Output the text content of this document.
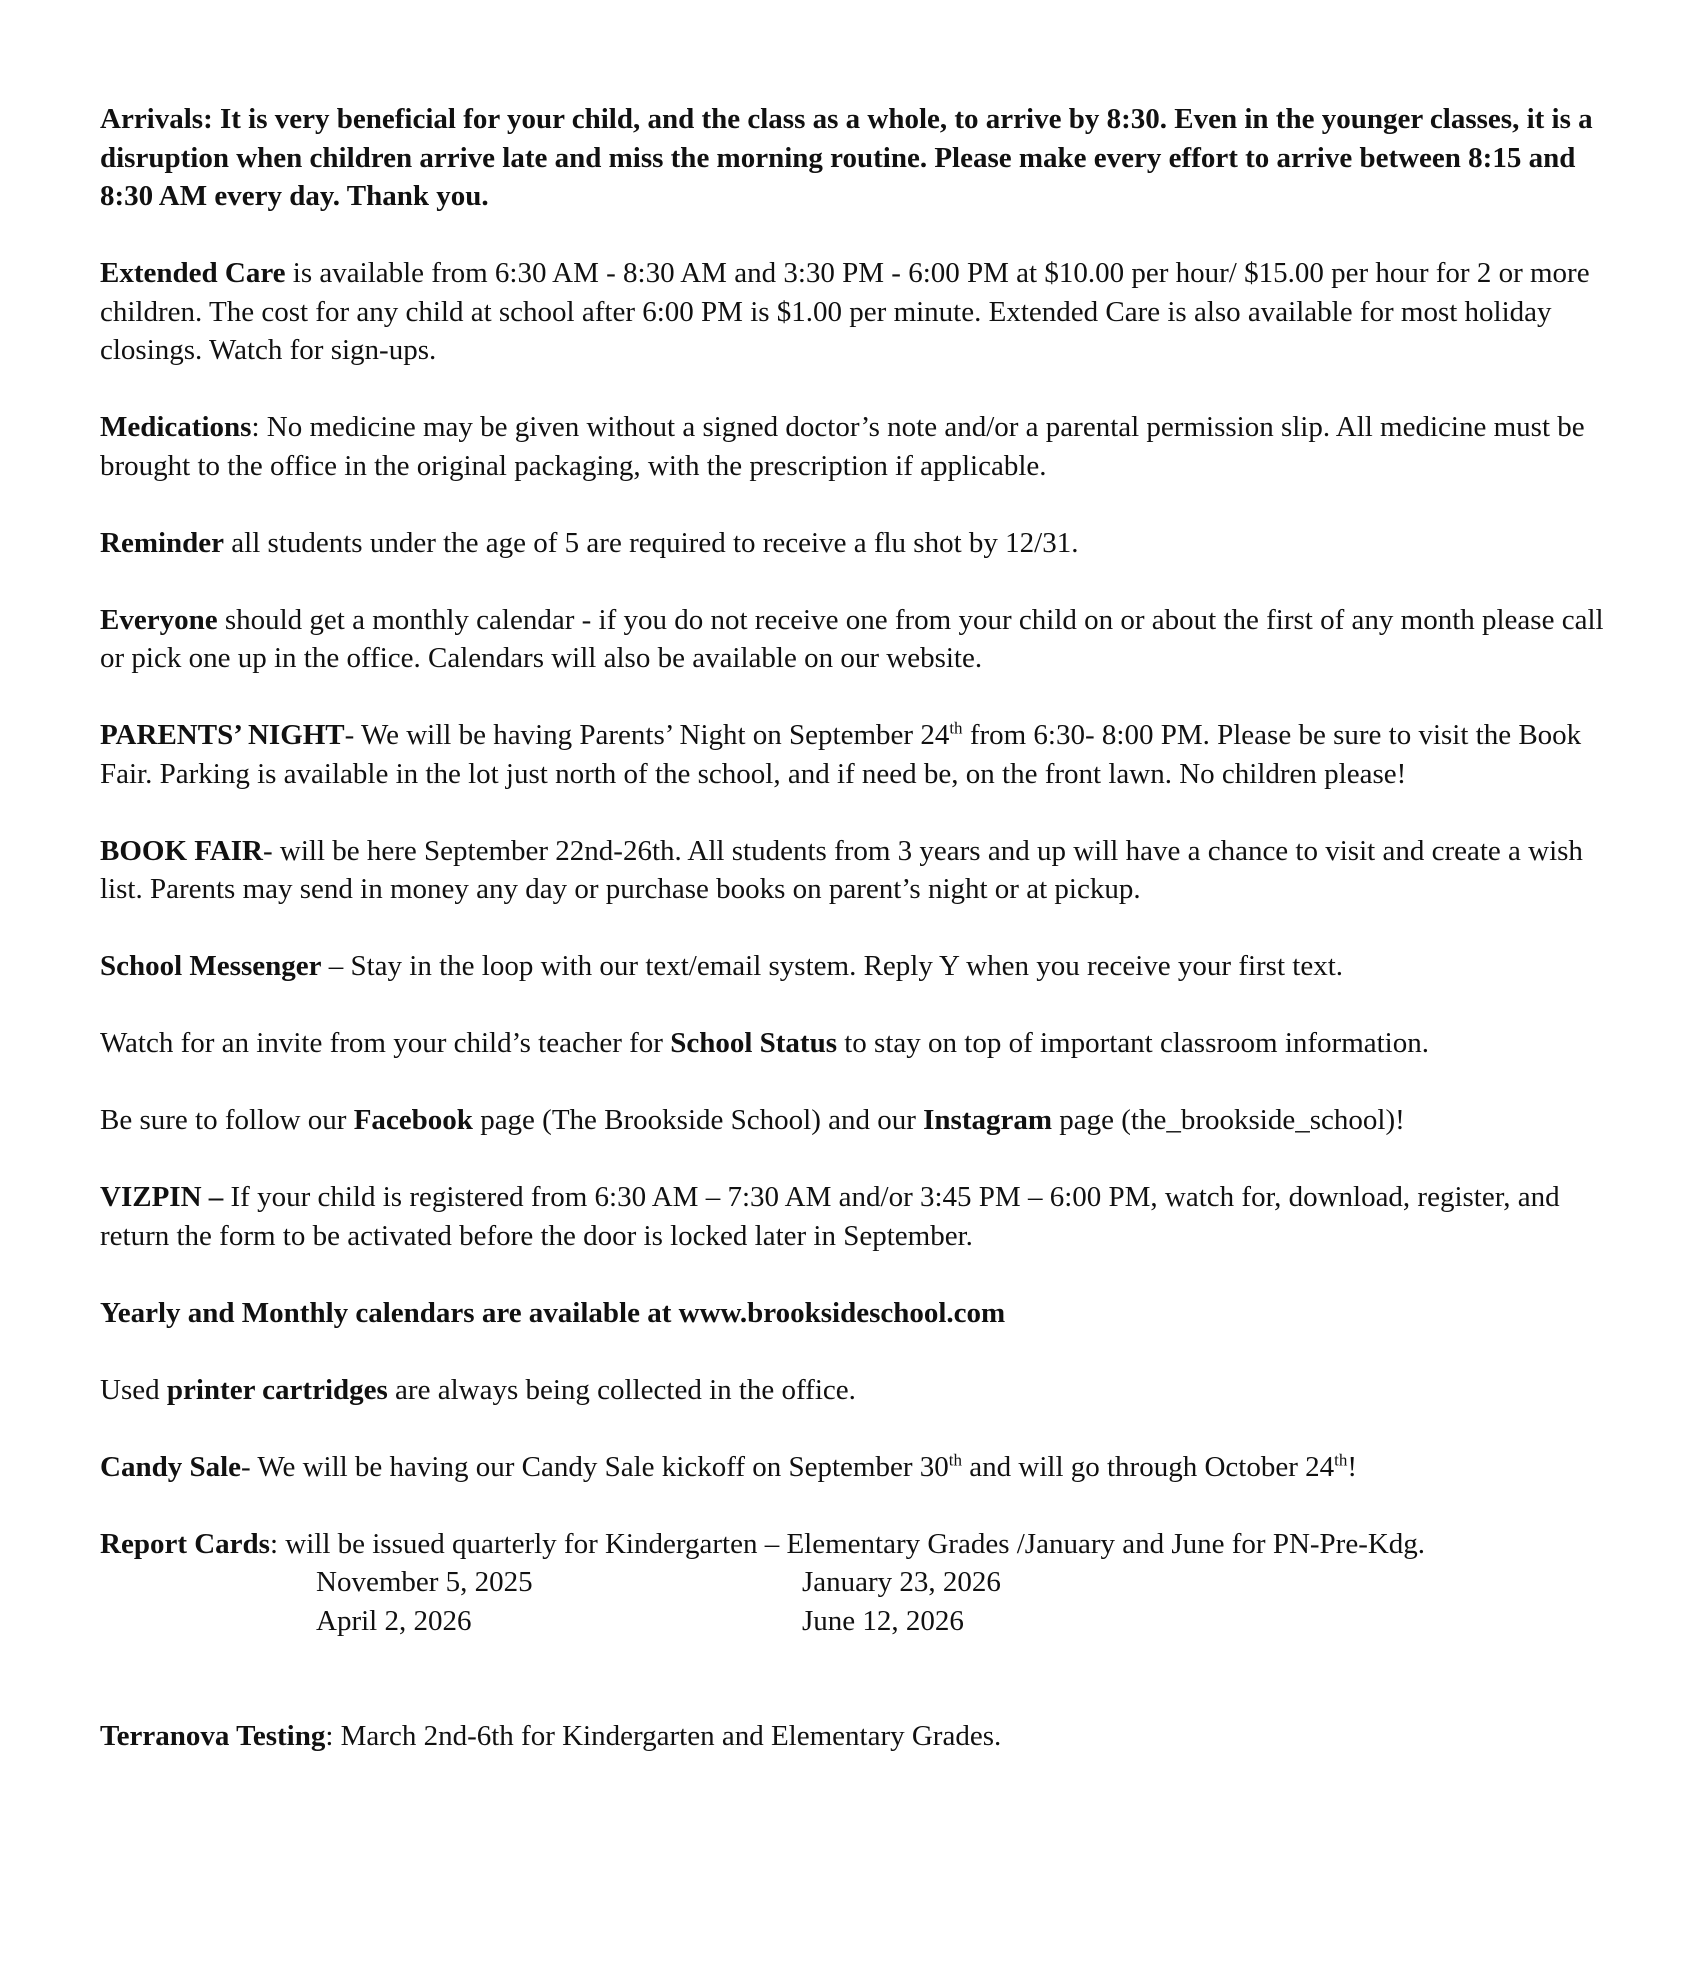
Arrivals: It is very beneficial for your child, and the class as a whole, to arrive by 8:30. Even in the younger classes, it is a disruption when children arrive late and miss the morning routine. Please make every effort to arrive between 8:15 and 8:30 AM every day. Thank you.

Extended Care is available from 6:30 AM - 8:30 AM and 3:30 PM - 6:00 PM at $10.00 per hour/ $15.00 per hour for 2 or more children. The cost for any child at school after 6:00 PM is $1.00 per minute. Extended Care is also available for most holiday closings. Watch for sign-ups.

Medications: No medicine may be given without a signed doctor’s note and/or a parental permission slip. All medicine must be brought to the office in the original packaging, with the prescription if applicable.

Reminder all students under the age of 5 are required to receive a flu shot by 12/31.

Everyone should get a monthly calendar - if you do not receive one from your child on or about the first of any month please call or pick one up in the office. Calendars will also be available on our website.

PARENTS’ NIGHT- We will be having Parents’ Night on September 24th from 6:30- 8:00 PM. Please be sure to visit the Book Fair. Parking is available in the lot just north of the school, and if need be, on the front lawn. No children please!

BOOK FAIR- will be here September 22nd-26th. All students from 3 years and up will have a chance to visit and create a wish list. Parents may send in money any day or purchase books on parent’s night or at pickup.

School Messenger – Stay in the loop with our text/email system. Reply Y when you receive your first text.

Watch for an invite from your child’s teacher for School Status to stay on top of important classroom information.

Be sure to follow our Facebook page (The Brookside School) and our Instagram page (the_brookside_school)!

VIZPIN – If your child is registered from 6:30 AM – 7:30 AM and/or 3:45 PM – 6:00 PM, watch for, download, register, and return the form to be activated before the door is locked later in September.

Yearly and Monthly calendars are available at www.brooksideschool.com

Used printer cartridges are always being collected in the office.

Candy Sale- We will be having our Candy Sale kickoff on September 30th and will go through October 24th!

Report Cards: will be issued quarterly for Kindergarten – Elementary Grades /January and June for PN-Pre-Kdg.

November 5, 2025	January 23, 2026
April 2, 2026	June 12, 2026

Terranova Testing: March 2nd-6th for Kindergarten and Elementary Grades.
